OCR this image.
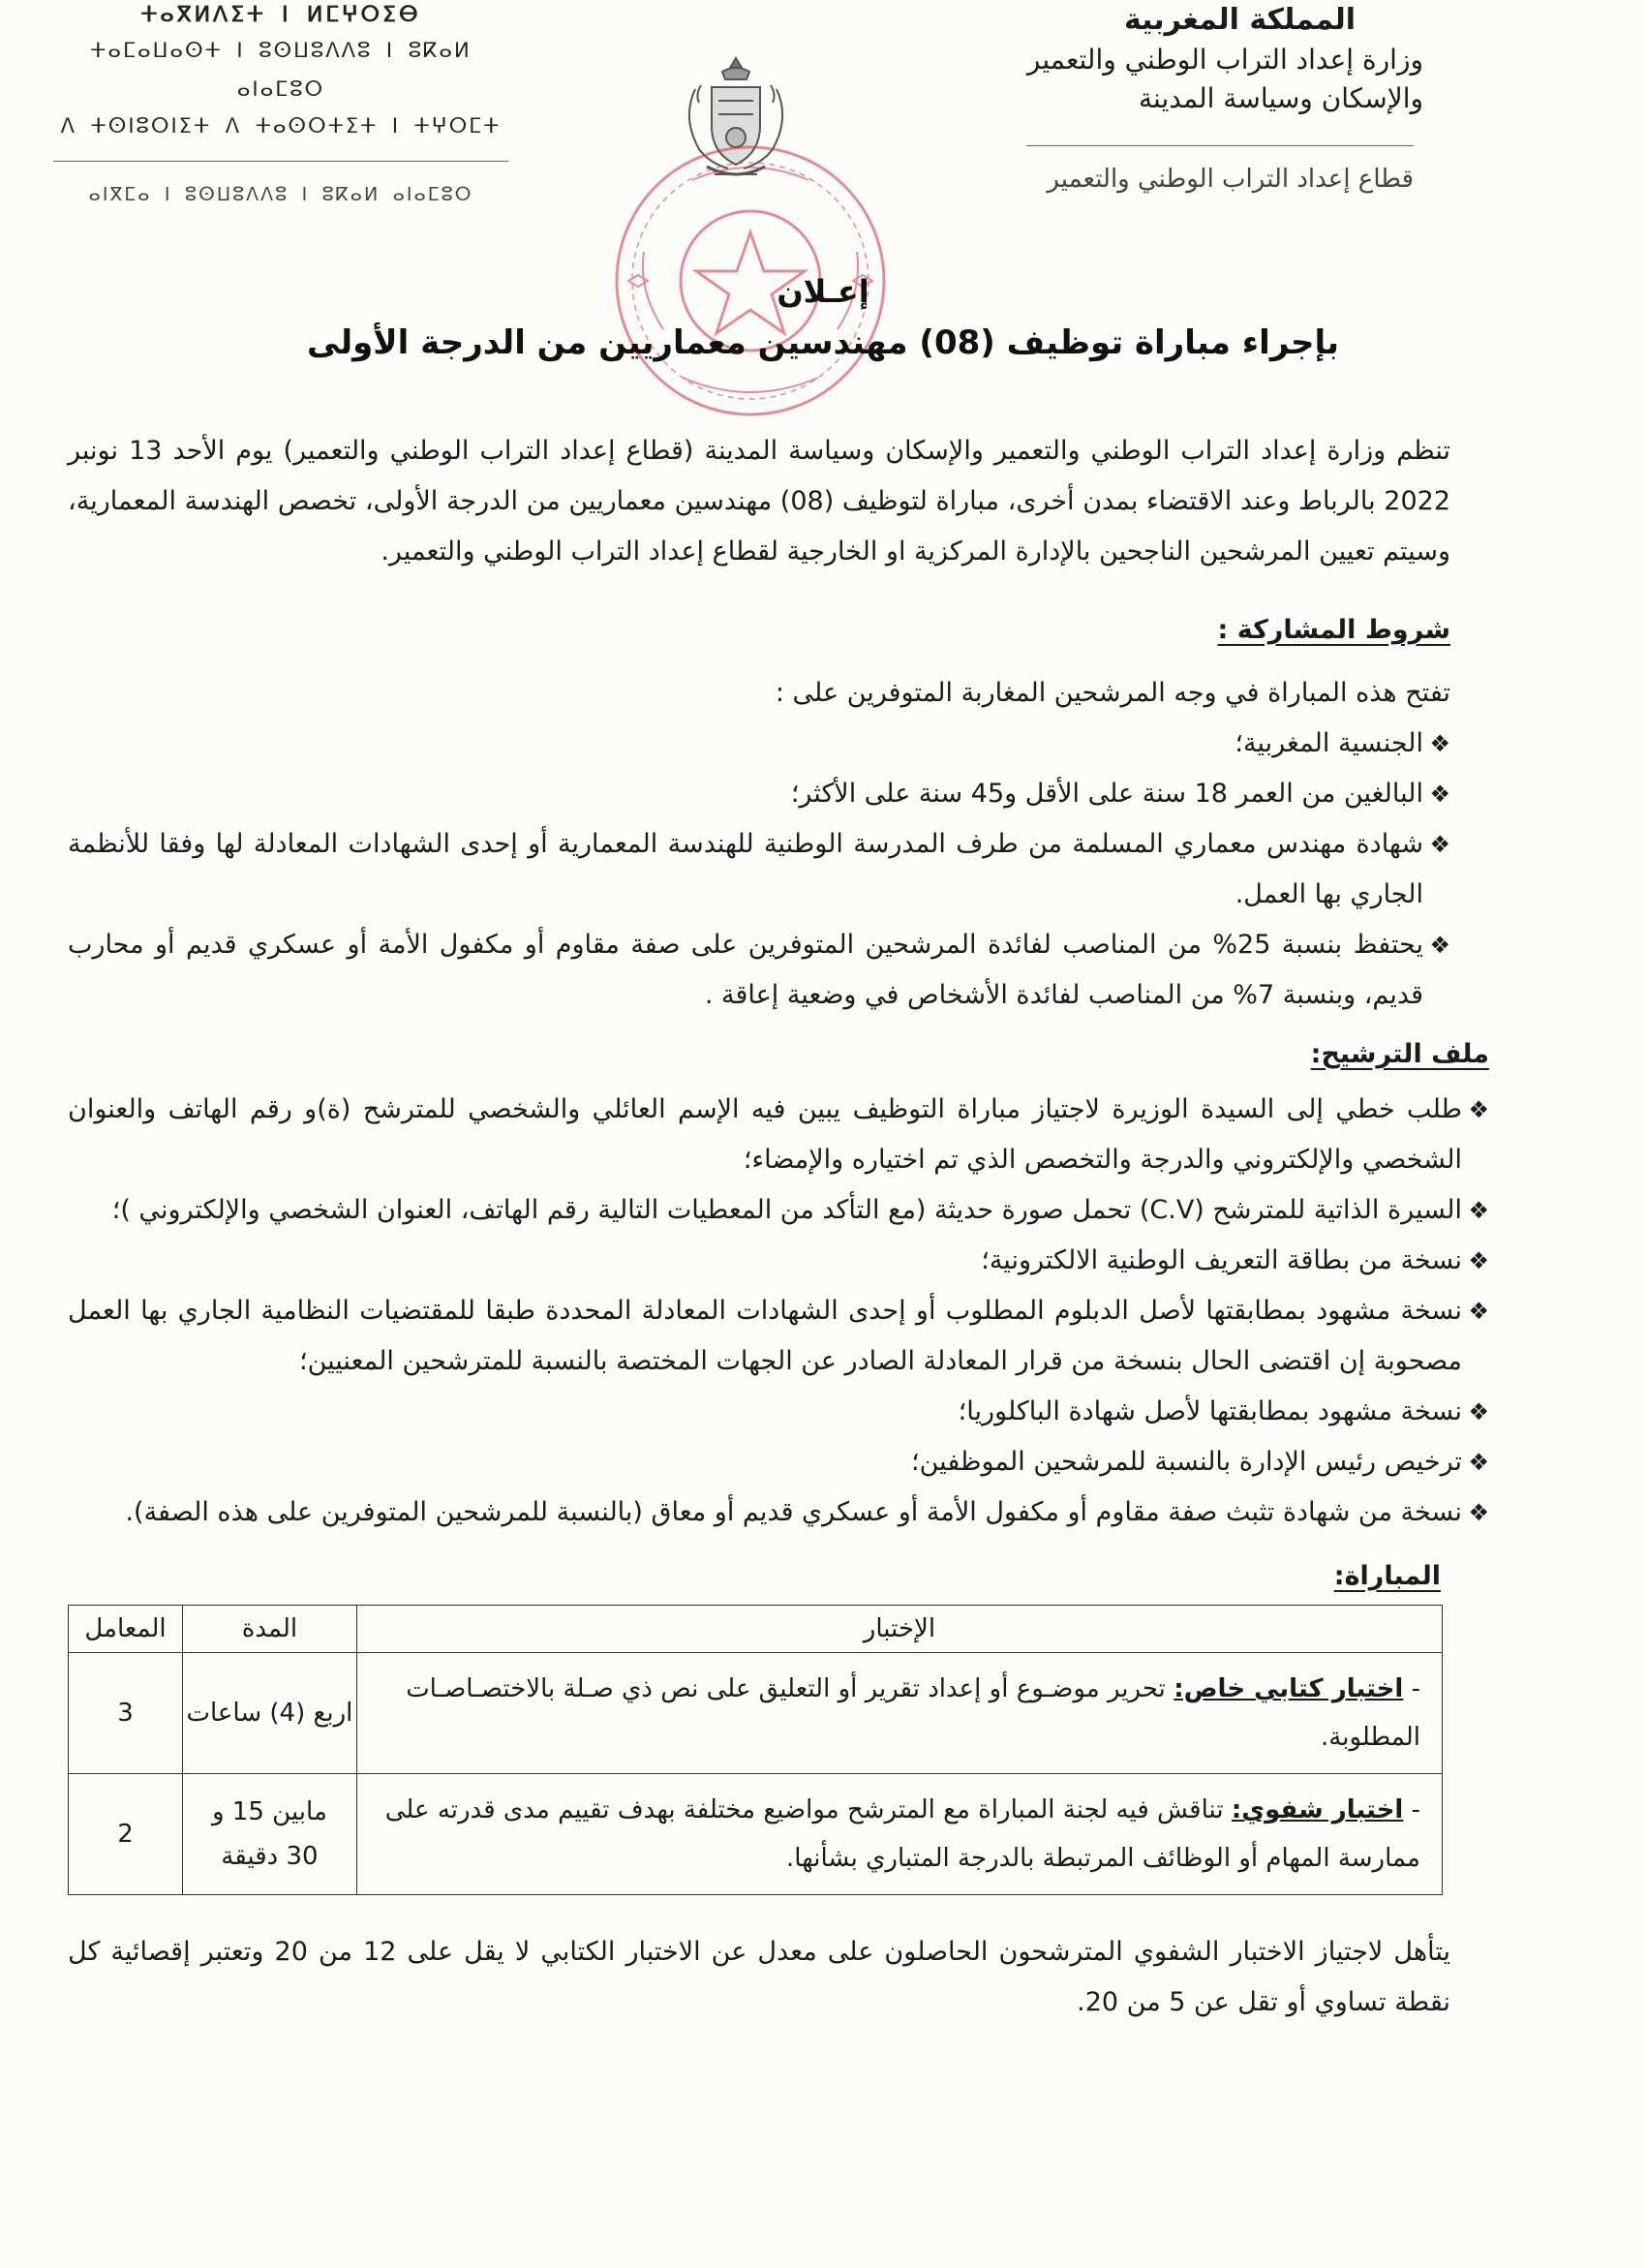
المملكة المغربية
وزارة إعداد التراب الوطني والتعمير
والإسكان وسياسة المدينة
قطاع إعداد التراب الوطني والتعمير
ⵜⴰⴳⵍⴷⵉⵜ ⵏ ⵍⵎⵖⵔⵉⴱ
ⵜⴰⵎⴰⵡⴰⵙⵜ ⵏ ⵓⵙⵡⵓⴷⴷⵓ ⵏ ⵓⴽⴰⵍ ⴰⵏⴰⵎⵓⵔ
ⴷ ⵜⵙⵏⵓⵔⵏⵉⵜ ⴷ ⵜⴰⵙⵔⵜⵉⵜ ⵏ ⵜⵖⵔⵎⵜ
ⴰⵏⴳⵎⴰ ⵏ ⵓⵙⵡⵓⴷⴷⵓ ⵏ ⵓⴽⴰⵍ ⴰⵏⴰⵎⵓⵔ
إعـلان
بإجراء مباراة توظيف (08) مهندسين معماريين من الدرجة الأولى
تنظم وزارة إعداد التراب الوطني والتعمير والإسكان وسياسة المدينة (قطاع إعداد التراب الوطني والتعمير) يوم الأحد 13 نونبر 2022 بالرباط وعند الاقتضاء بمدن أخرى، مباراة لتوظيف (08) مهندسين معماريين من الدرجة الأولى، تخصص الهندسة المعمارية، وسيتم تعيين المرشحين الناجحين بالإدارة المركزية او الخارجية لقطاع إعداد التراب الوطني والتعمير.
شروط المشاركة :
تفتح هذه المباراة في وجه المرشحين المغاربة المتوفرين على :
❖
الجنسية المغربية؛
❖
البالغين من العمر 18 سنة على الأقل و45 سنة على الأكثر؛
❖
شهادة مهندس معماري المسلمة من طرف المدرسة الوطنية للهندسة المعمارية أو إحدى الشهادات المعادلة لها وفقا للأنظمة الجاري بها العمل.
❖
يحتفظ بنسبة 25% من المناصب لفائدة المرشحين المتوفرين على صفة مقاوم أو مكفول الأمة أو عسكري قديم أو محارب قديم، وبنسبة 7% من المناصب لفائدة الأشخاص في وضعية إعاقة .
ملف الترشيح:
❖
طلب خطي إلى السيدة الوزيرة لاجتياز مباراة التوظيف يبين فيه الإسم العائلي والشخصي للمترشح (ة)و رقم الهاتف والعنوان الشخصي والإلكتروني والدرجة والتخصص الذي تم اختياره والإمضاء؛
❖
السيرة الذاتية للمترشح (C.V) تحمل صورة حديثة (مع التأكد من المعطيات التالية رقم الهاتف، العنوان الشخصي والإلكتروني )؛
❖
نسخة من بطاقة التعريف الوطنية الالكترونية؛
❖
نسخة مشهود بمطابقتها لأصل الدبلوم المطلوب أو إحدى الشهادات المعادلة المحددة طبقا للمقتضيات النظامية الجاري بها العمل مصحوبة إن اقتضى الحال بنسخة من قرار المعادلة الصادر عن الجهات المختصة بالنسبة للمترشحين المعنيين؛
❖
نسخة مشهود بمطابقتها لأصل شهادة الباكلوريا؛
❖
ترخيص رئيس الإدارة بالنسبة للمرشحين الموظفين؛
❖
نسخة من شهادة تثبث صفة مقاوم أو مكفول الأمة أو عسكري قديم أو معاق (بالنسبة للمرشحين المتوفرين على هذه الصفة).
المباراة:
الإختبار	المدة	المعامل
- اختبار كتابي خاص: تحرير موضـوع أو إعداد تقرير أو التعليق على نص ذي صـلة بالاختصـاصـات المطلوبة.	اربع (4) ساعات	3
- اختبار شفوي: تناقش فيه لجنة المباراة مع المترشح مواضيع مختلفة بهدف تقييم مدى قدرته على ممارسة المهام أو الوظائف المرتبطة بالدرجة المتباري بشأنها.	مابين 15 و 30 دقيقة	2
يتأهل لاجتياز الاختبار الشفوي المترشحون الحاصلون على معدل عن الاختبار الكتابي لا يقل على 12 من 20 وتعتبر إقصائية كل نقطة تساوي أو تقل عن 5 من 20.
